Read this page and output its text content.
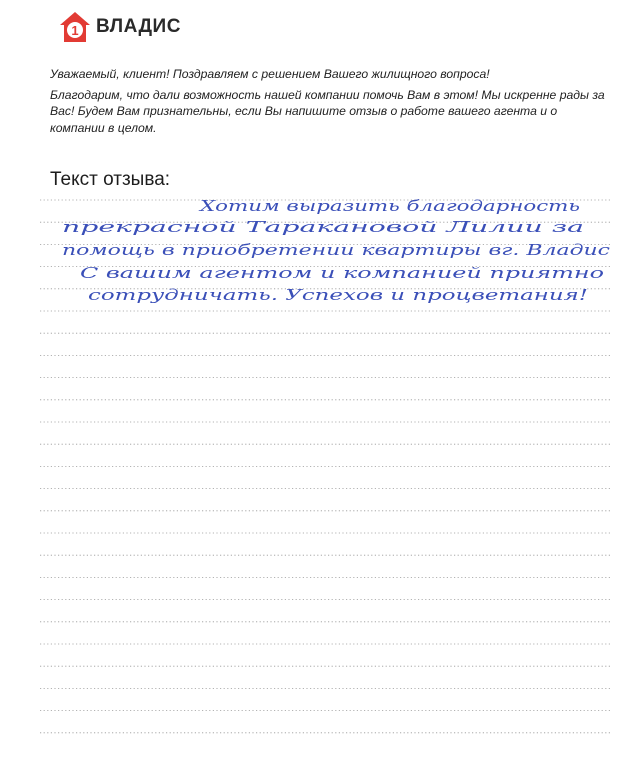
1 ВЛАДИС

Уважаемый, клиент! Поздравляем с решением Вашего жилищного вопроса!

Благодарим, что дали возможность нашей компании помочь Вам в этом! Мы искренне рады за Вас! Будем Вам признательны, если Вы напишите отзыв о работе вашего агента и о компании в целом.

Текст отзыва:
Хотим выразить благодарность
прекрасной Таракановой Лилии за
помощь в приобретении квартиры вг. Владис
С вашим агентом и компанией приятно
сотрудничать. Успехов и процветания!
